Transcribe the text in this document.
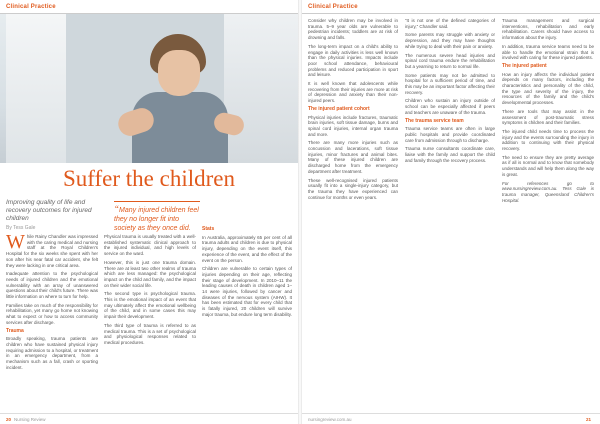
Clinical Practice
Suffer the children
Improving quality of life and recovery outcomes for injured children
By Tess Gale

While Rainy Chandler was impressed with the caring medical and nursing staff at the Royal Children's Hospital for the six weeks she spent with her son after his near fatal car accident, she felt they were lacking in one critical area.

Inadequate attention to the psychological needs of injured children and the emotional vulnerability with an array of unanswered questions about their child's future. There was little information on where to turn for help.

Families take on much of the responsibility for rehabilitation, yet many go home not knowing what to expect or how to access community services after discharge.

Trauma

Broadly speaking, trauma patients are children who have sustained physical injury requiring admission to a hospital, or treatment in an emergency department, from a mechanism such as a fall, crash or sporting incident.

Physical trauma is usually treated with a well-established systematic clinical approach to the injured individual, and high levels of service on the ward.

However, this is just one trauma domain. There are at least two other realms of trauma which are less managed: the psychological impact on the child and family, and the impact on their wider social life.

The second type is psychological trauma. This is the emotional impact of an event that may ultimately affect the emotional wellbeing of the child, and in some cases this may impair their development.

The third type of trauma is referred to as medical trauma. This is a set of psychological and physiological responses related to medical procedures.

“Many injured children feel they no longer fit into society as they once did.	Stats

In Australia, approximately 65 per cent of all trauma adults and children is due to physical injury, depending on the event itself, this experience of the event, and the effect of the event on the person.

Children are vulnerable to certain types of injuries depending on their age, reflecting their stage of development. In 2010–11 the leading causes of death in children aged 1–14 were injuries, followed by cancer and diseases of the nervous system (AIHW). It has been estimated that for every child that is fatally injured, 20 children will survive major trauma, but endure long term disability.

20 Nursing Review
Clinical Practice

Consider why children may be involved in trauma. 5–9 year olds are vulnerable to pedestrian incidents; toddlers are at risk of drowning and falls.

The long-term impact on a child's ability to engage in daily activities is less well known than the physical injuries. Impacts include poor school attendance, behavioural problems and reduced participation in sport and leisure.

It is well known that adolescents while recovering from their injuries are more at risk of depression and anxiety than their non-injured peers.

The injured patient cohort

Physical injuries include fractures, traumatic brain injuries, soft tissue damage, burns and spinal cord injuries, internal organ trauma and more.

There are many more injuries such as concussion and lacerations, soft tissue injuries, minor fractures and animal bites. Many of these injured children are discharged home from the emergency department after treatment.

These well-recognised injured patients usually fit into a single-injury category, but the trauma they have experienced can continue for months or even years.

“It is not one of the defined categories of injury,” Chandler said.

Some parents may struggle with anxiety or depression, and they may have thoughts while trying to deal with their pain or anxiety.

The numerous severe head injuries and spinal cord trauma endure the rehabilitation but a yearning to return to normal life.

Some patients may not be admitted to hospital for a sufficient period of time, and this may be an important factor affecting their recovery.

Children who sustain an injury outside of school can be especially affected if peers and teachers are unaware of the trauma.

The trauma service team

Trauma service teams are often in large public hospitals and provide coordinated care from admission through to discharge.

Trauma nurse consultants coordinate care, liaise with the family and support the child and family through the recovery process.

Trauma management and surgical interventions, rehabilitation and early rehabilitation. Carers should have access to information about the injury.

In addition, trauma service teams need to be able to handle the emotional strain that is involved with caring for these injured patients.

The injured patient

How an injury affects the individual patient depends on many factors, including the characteristics and personality of the child, the type and severity of the injury, the resources of the family and the child's developmental processes.

There are tools that may assist in the assessment of post-traumatic stress symptoms in children and their families.

The injured child needs time to process the injury and the events surrounding the injury in addition to continuing with their physical recovery.

The need to ensure they are pretty average as if all is normal and to know that somebody understands and will help them along the way is great.

For references go to www.nursingreview.com.au. Tess Gale is trauma manager, Queensland Children's Hospital.

nursingreview.com.au	21
